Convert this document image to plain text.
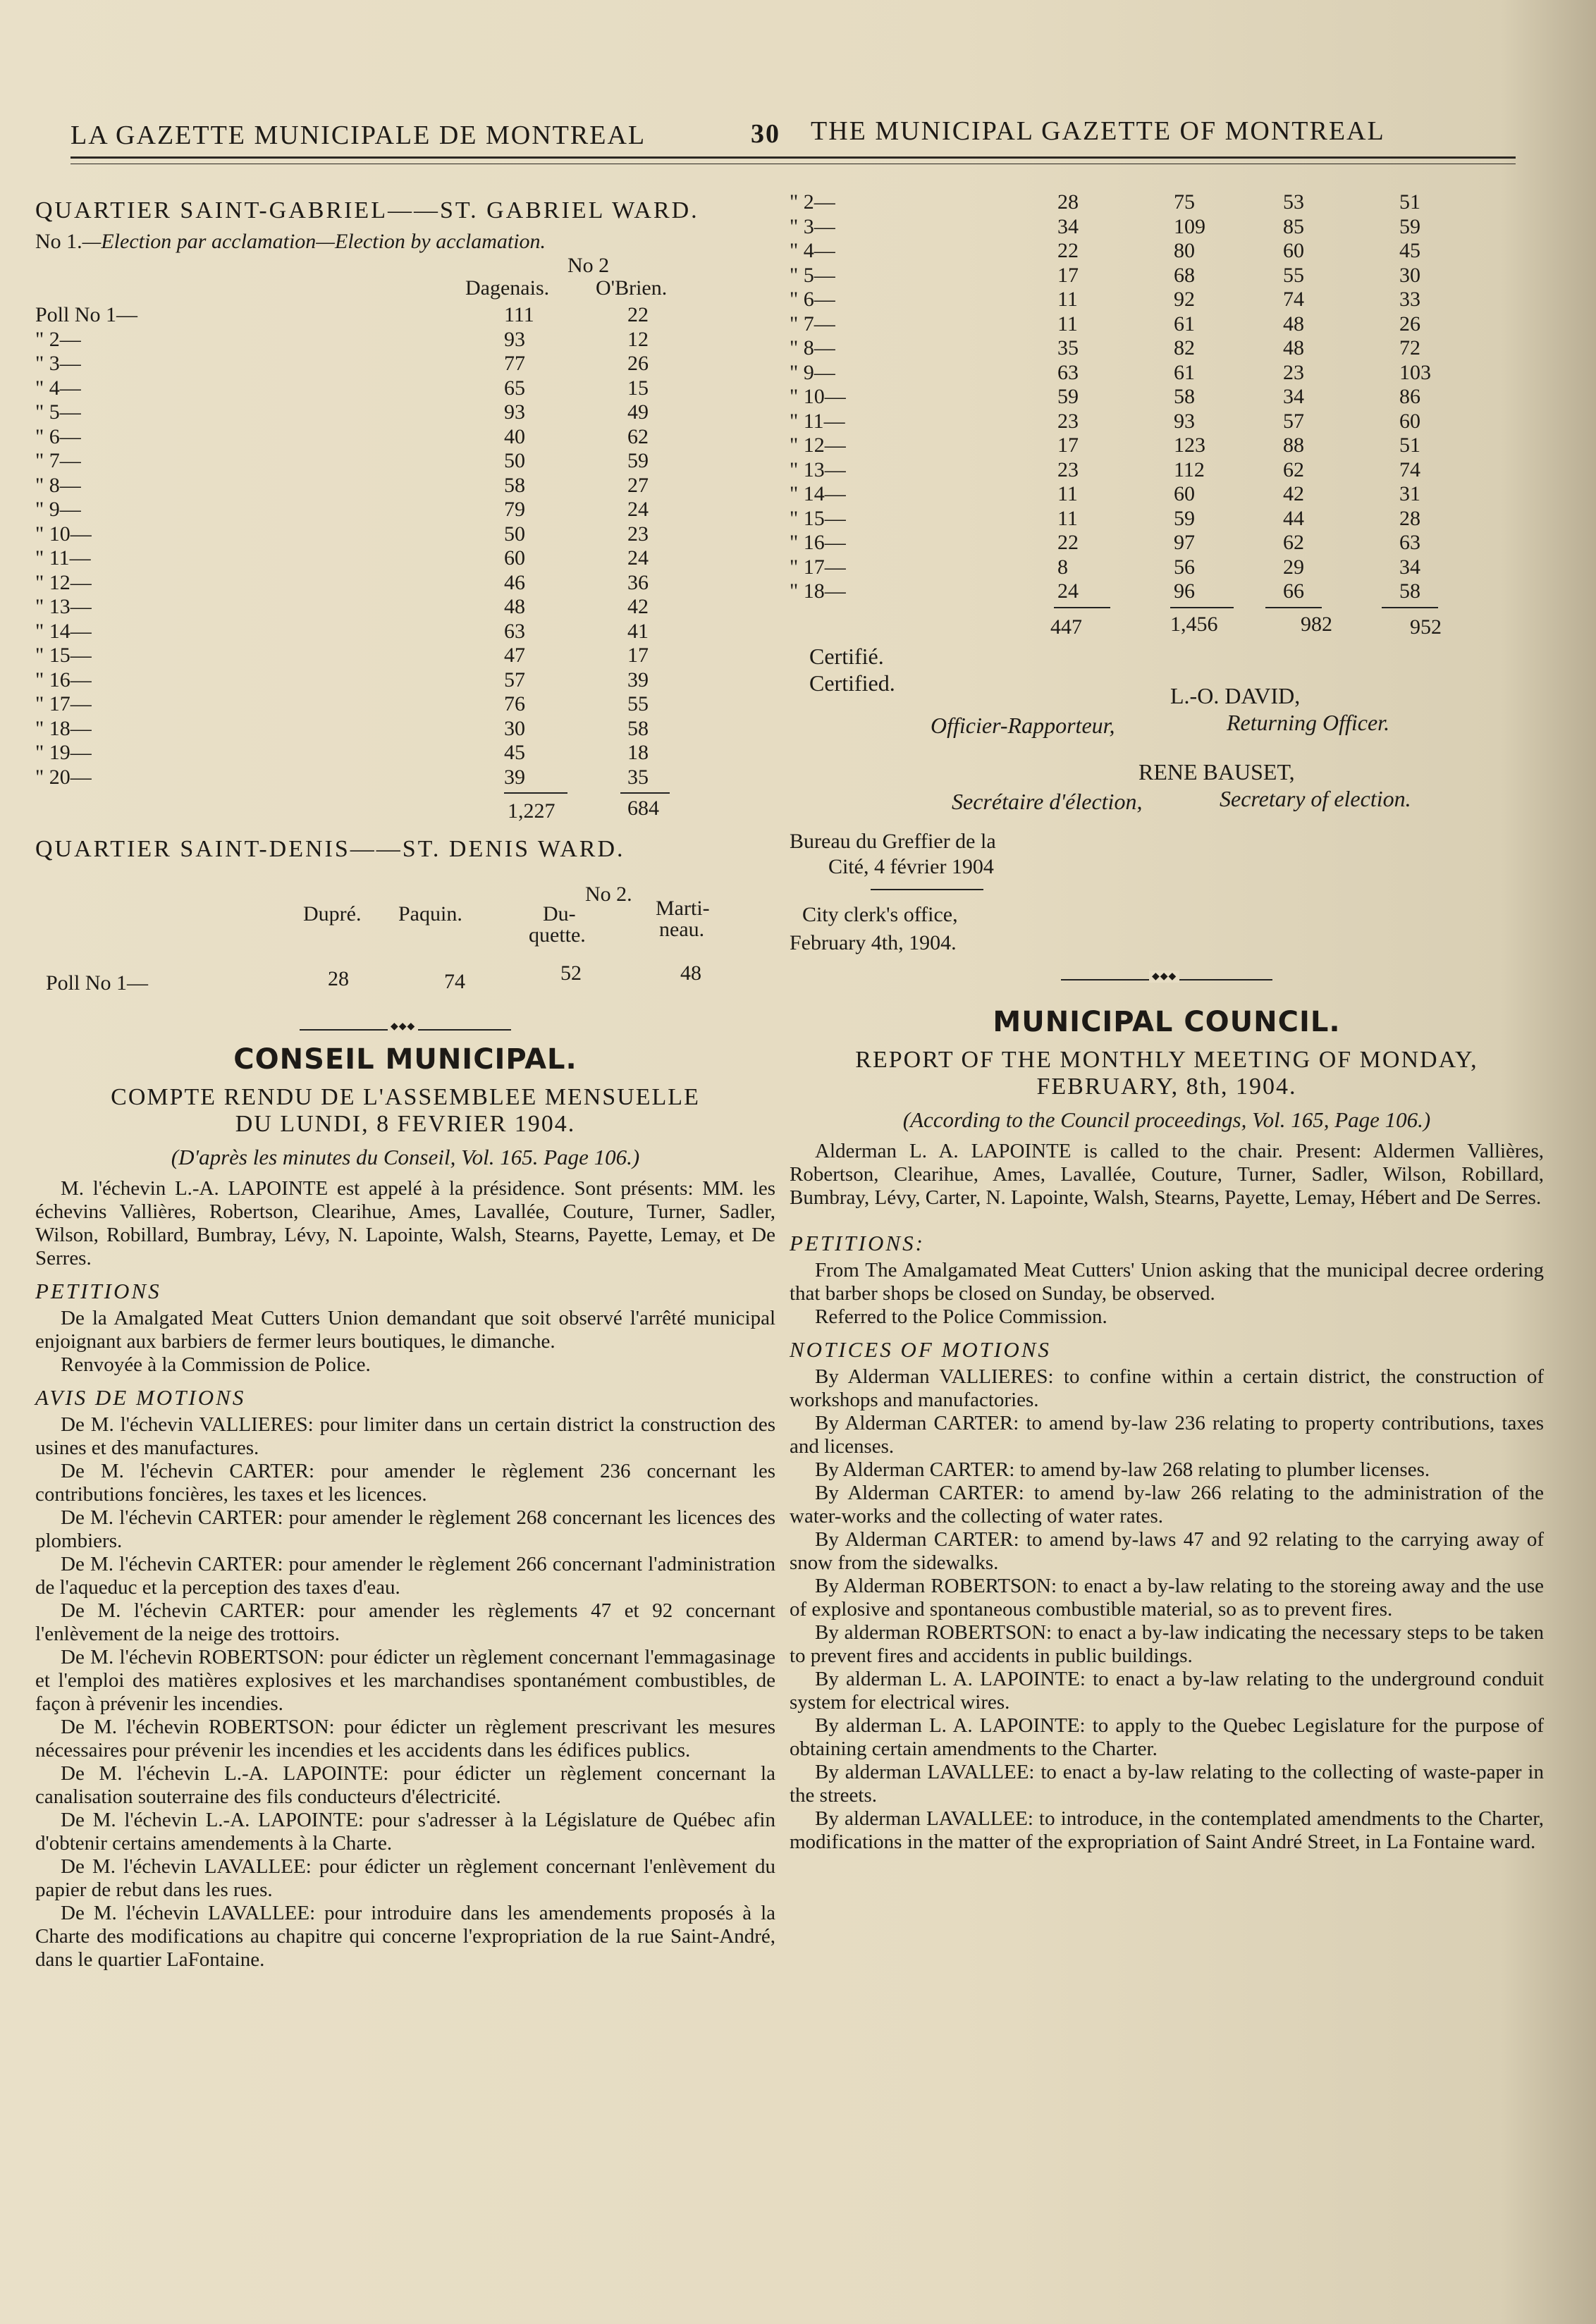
LA GAZETTE MUNICIPALE DE MONTREAL	30 THE MUNICIPAL GAZETTE OF MONTREAL
QUARTIER SAINT-GABRIEL——ST. GABRIEL WARD.
No 1.—Election par acclamation—Election by acclamation.
No 2
Dagenais. O'Brien.
Poll No 1—	111	22
" 2—	93	12
" 3—	77	26
" 4—	65	15
" 5—	93	49
" 6—	40	62
" 7—	50	59
" 8—	58	27
" 9—	79	24
" 10—	50	23
" 11—	60	24
" 12—	46	36
" 13—	48	42
" 14—	63	41
" 15—	47	17
" 16—	57	39
" 17—	76	55
" 18—	30	58
" 19—	45	18
" 20—	39	35
1,227	684
QUARTIER SAINT-DENIS——ST. DENIS WARD.
No 2.
Dupré. Paquin.	Du-
quette.
Marti-
neau.
Poll No 1—	28	74	52	48
◆◆◆
CONSEIL MUNICIPAL.
COMPTE RENDU DE L'ASSEMBLEE MENSUELLE
DU LUNDI, 8 FEVRIER 1904.
(D'après les minutes du Conseil, Vol. 165. Page 106.)

M. l'échevin L.-A. LAPOINTE est appelé à la présidence. Sont présents: MM. les échevins Vallières, Robertson, Clearihue, Ames, Lavallée, Couture, Turner, Sadler, Wilson, Robillard, Bumbray, Lévy, N. Lapointe, Walsh, Stearns, Payette, Lemay, et De Serres.

PETITIONS

De la Amalgated Meat Cutters Union demandant que soit observé l'arrêté municipal enjoignant aux barbiers de fermer leurs boutiques, le dimanche.

Renvoyée à la Commission de Police.

AVIS DE MOTIONS

De M. l'échevin VALLIERES: pour limiter dans un certain district la construction des usines et des manufactures.

De M. l'échevin CARTER: pour amender le règlement 236 concernant les contributions foncières, les taxes et les licences.

De M. l'échevin CARTER: pour amender le règlement 268 concernant les licences des plombiers.

De M. l'échevin CARTER: pour amender le règlement 266 concernant l'administration de l'aqueduc et la perception des taxes d'eau.

De M. l'échevin CARTER: pour amender les règlements 47 et 92 concernant l'enlèvement de la neige des trottoirs.

De M. l'échevin ROBERTSON: pour édicter un règlement concernant l'emmagasinage et l'emploi des matières explosives et les marchandises spontanément combustibles, de façon à prévenir les incendies.

De M. l'échevin ROBERTSON: pour édicter un règlement prescrivant les mesures nécessaires pour prévenir les incendies et les accidents dans les édifices publics.

De M. l'échevin L.-A. LAPOINTE: pour édicter un règlement concernant la canalisation souterraine des fils conducteurs d'électricité.

De M. l'échevin L.-A. LAPOINTE: pour s'adresser à la Législature de Québec afin d'obtenir certains amendements à la Charte.

De M. l'échevin LAVALLEE: pour édicter un règlement concernant l'enlèvement du papier de rebut dans les rues.

De M. l'échevin LAVALLEE: pour introduire dans les amendements proposés à la Charte des modifications au chapitre qui concerne l'expropriation de la rue Saint-André, dans le quartier LaFontaine.

" 2—	28	75	53	51
" 3—	34	109	85	59
" 4—	22	80	60	45
" 5—	17	68	55	30
" 6—	11	92	74	33
" 7—	11	61	48	26
" 8—	35	82	48	72
" 9—	63	61	23	103
" 10—	59	58	34	86
" 11—	23	93	57	60
" 12—	17	123	88	51
" 13—	23	112	62	74
" 14—	11	60	42	31
" 15—	11	59	44	28
" 16—	22	97	62	63
" 17—	8	56	29	34
" 18—	24	96	66	58
447	1,456	982	952
Certifié.
Certified.	L.-O. DAVID,
Officier-Rapporteur,	Returning Officer.
RENE BAUSET,
Secrétaire d'élection,	Secretary of election.
Bureau du Greffier de la
Cité, 4 février 1904
City clerk's office,
February 4th, 1904.
◆◆◆
MUNICIPAL COUNCIL.
REPORT OF THE MONTHLY MEETING OF MONDAY,
FEBRUARY, 8th, 1904.
(According to the Council proceedings, Vol. 165, Page 106.)

Alderman L. A. LAPOINTE is called to the chair. Present: Aldermen Vallières, Robertson, Clearihue, Ames, Lavallée, Couture, Turner, Sadler, Wilson, Robillard, Bumbray, Lévy, Carter, N. Lapointe, Walsh, Stearns, Payette, Lemay, Hébert and De Serres.

PETITIONS:

From The Amalgamated Meat Cutters' Union asking that the municipal decree ordering that barber shops be closed on Sunday, be observed.

Referred to the Police Commission.

NOTICES OF MOTIONS

By Alderman VALLIERES: to confine within a certain district, the construction of workshops and manufactories.

By Alderman CARTER: to amend by-law 236 relating to property contributions, taxes and licenses.

By Alderman CARTER: to amend by-law 268 relating to plumber licenses.

By Alderman CARTER: to amend by-law 266 relating to the administration of the water-works and the collecting of water rates.

By Alderman CARTER: to amend by-laws 47 and 92 relating to the carrying away of snow from the sidewalks.

By Alderman ROBERTSON: to enact a by-law relating to the storeing away and the use of explosive and spontaneous combustible material, so as to prevent fires.

By alderman ROBERTSON: to enact a by-law indicating the necessary steps to be taken to prevent fires and accidents in public buildings.

By alderman L. A. LAPOINTE: to enact a by-law relating to the underground conduit system for electrical wires.

By alderman L. A. LAPOINTE: to apply to the Quebec Legislature for the purpose of obtaining certain amendments to the Charter.

By alderman LAVALLEE: to enact a by-law relating to the collecting of waste-paper in the streets.

By alderman LAVALLEE: to introduce, in the contemplated amendments to the Charter, modifications in the matter of the expropriation of Saint André Street, in La Fontaine ward.
